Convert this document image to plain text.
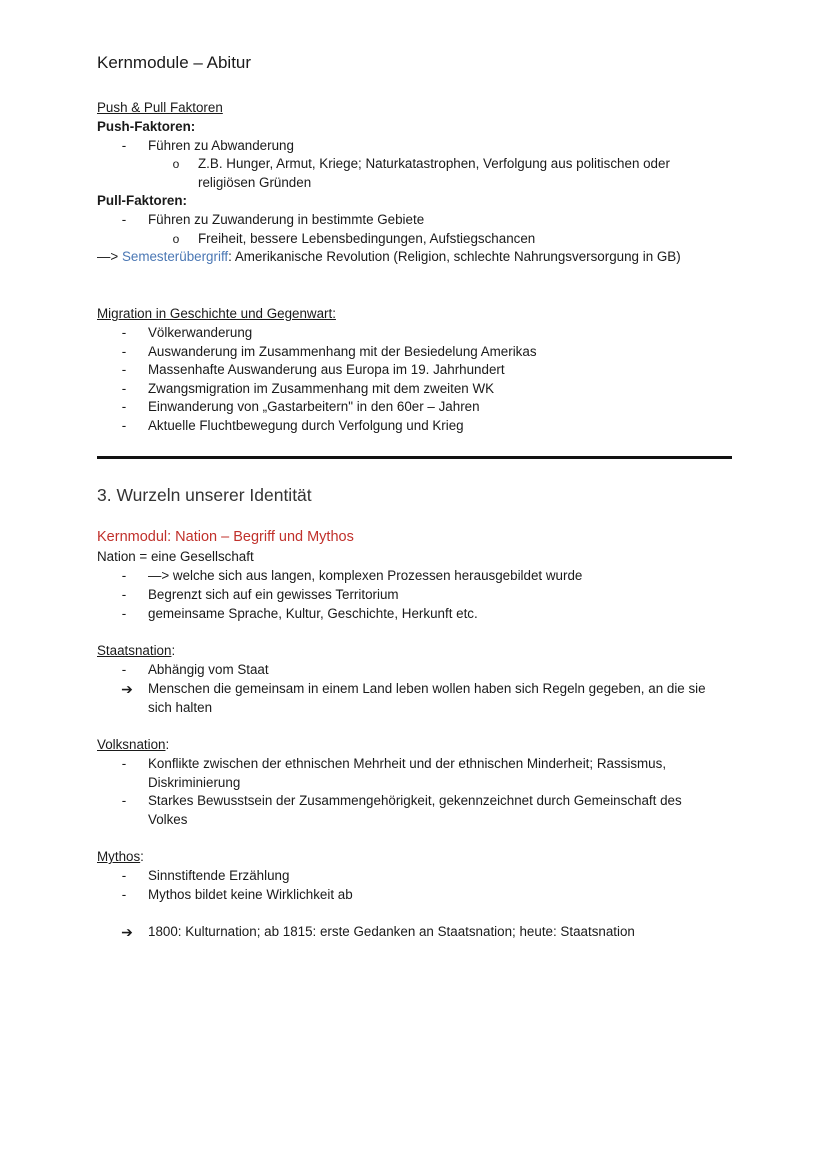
Kernmodule – Abitur
Push & Pull Faktoren
Push-Faktoren:
- Führen zu Abwanderung
o Z.B. Hunger, Armut, Kriege; Naturkatastrophen, Verfolgung aus politischen oder
religiösen Gründen
Pull-Faktoren:
- Führen zu Zuwanderung in bestimmte Gebiete
o Freiheit, bessere Lebensbedingungen, Aufstiegschancen
—> Semesterübergriff: Amerikanische Revolution (Religion, schlechte Nahrungsversorgung in GB)
Migration in Geschichte und Gegenwart:
- Völkerwanderung
- Auswanderung im Zusammenhang mit der Besiedelung Amerikas
- Massenhafte Auswanderung aus Europa im 19. Jahrhundert
- Zwangsmigration im Zusammenhang mit dem zweiten WK
- Einwanderung von „Gastarbeitern" in den 60er – Jahren
- Aktuelle Fluchtbewegung durch Verfolgung und Krieg
3. Wurzeln unserer Identität
Kernmodul: Nation – Begriff und Mythos
Nation = eine Gesellschaft
- —> welche sich aus langen, komplexen Prozessen herausgebildet wurde
- Begrenzt sich auf ein gewisses Territorium
- gemeinsame Sprache, Kultur, Geschichte, Herkunft etc.
Staatsnation:
- Abhängig vom Staat
➔ Menschen die gemeinsam in einem Land leben wollen haben sich Regeln gegeben, an die sie
sich halten
Volksnation:
- Konflikte zwischen der ethnischen Mehrheit und der ethnischen Minderheit; Rassismus,
Diskriminierung
- Starkes Bewusstsein der Zusammengehörigkeit, gekennzeichnet durch Gemeinschaft des
Volkes
Mythos:
- Sinnstiftende Erzählung
- Mythos bildet keine Wirklichkeit ab
➔ 1800: Kulturnation; ab 1815: erste Gedanken an Staatsnation; heute: Staatsnation
